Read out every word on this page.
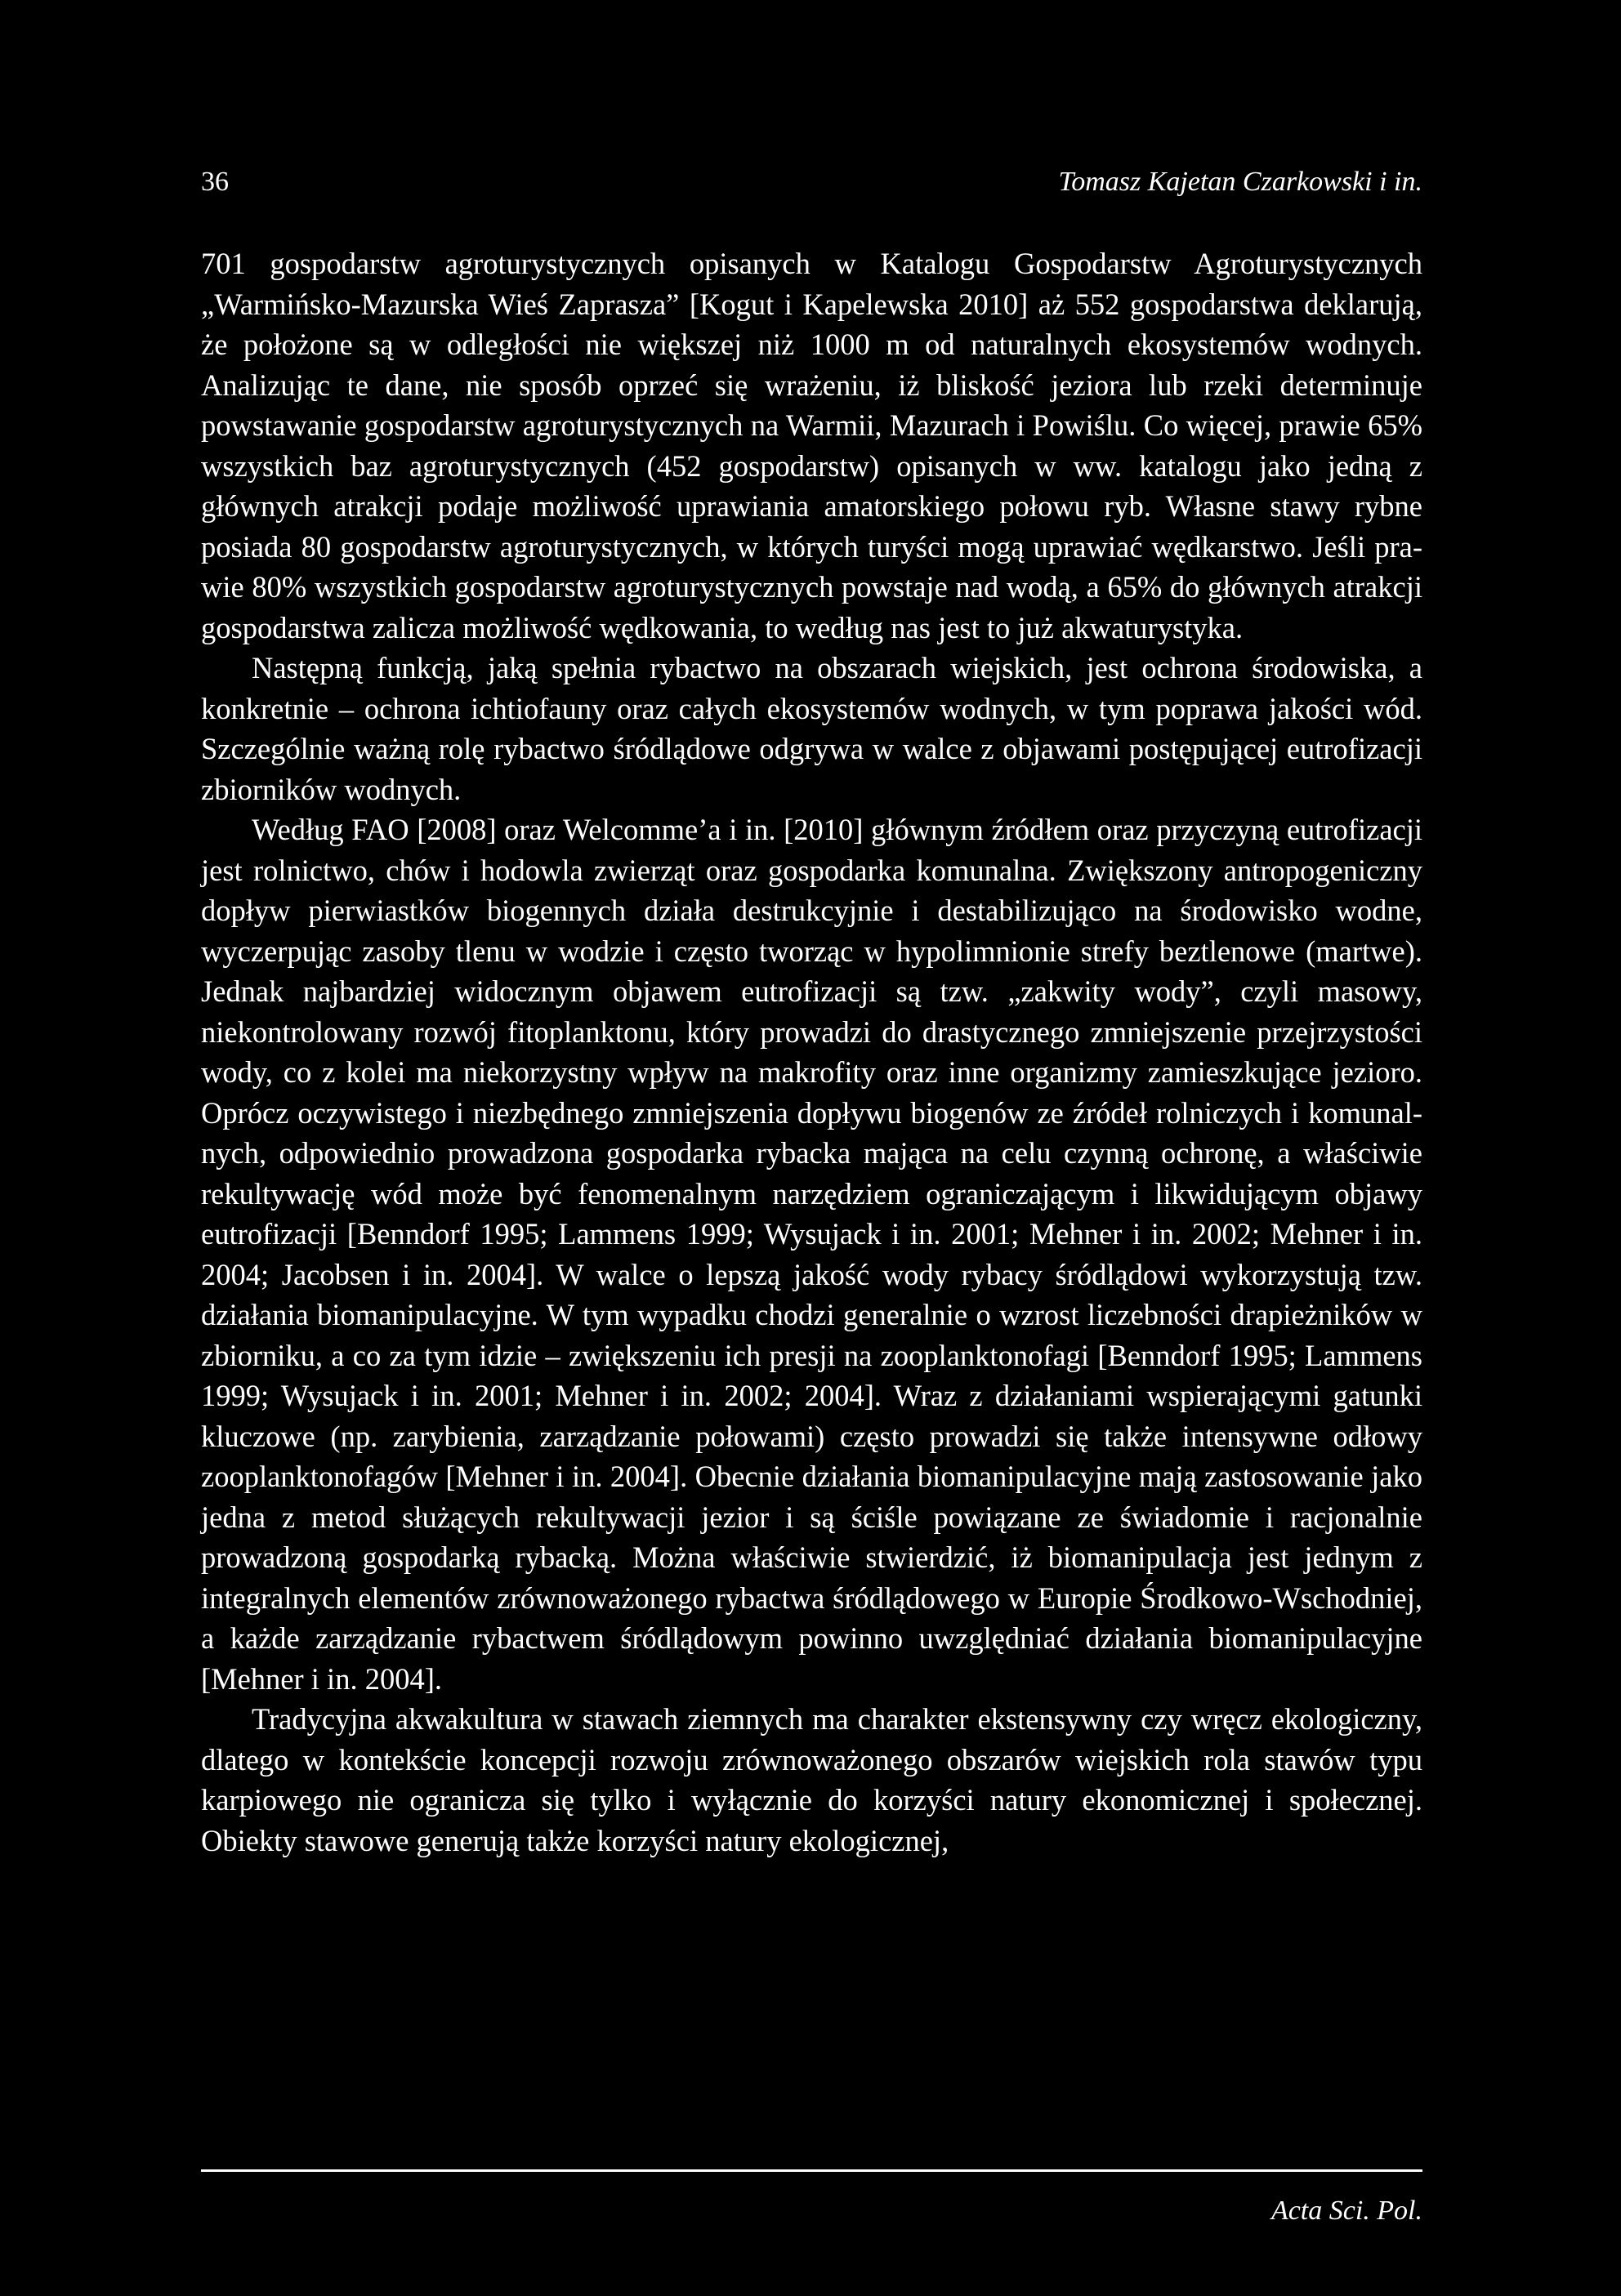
36	Tomasz Kajetan Czarkowski i in.

701 gospodarstw agroturystycznych opisanych w Katalogu Gospodarstw Agroturystycznych „Warmińsko-Mazurska Wieś Zaprasza” [Kogut i Kapelewska 2010] aż 552 gospodarstwa deklarują, że położone są w odległości nie większej niż 1000 m od naturalnych ekosystemów wodnych. Analizując te dane, nie sposób oprzeć się wrażeniu, iż bliskość jeziora lub rzeki determinuje powstawanie gospodarstw agroturystycznych na Warmii, Mazurach i Powiślu. Co więcej, prawie 65% wszystkich baz agroturystycznych (452 gospodarstw) opisanych w ww. katalogu jako jedną z głównych atrakcji podaje możliwość uprawiania amatorskiego połowu ryb. Własne stawy rybne posiada 80 gospodarstw agroturystycznych, w których turyści mogą uprawiać wędkarstwo. Jeśli prawie 80% wszystkich gospodarstw agroturystycznych powstaje nad wodą, a 65% do głównych atrakcji gospodarstwa zalicza możliwość wędkowania, to według nas jest to już akwaturystyka.

Następną funkcją, jaką spełnia rybactwo na obszarach wiejskich, jest ochrona środowiska, a konkretnie – ochrona ichtiofauny oraz całych ekosystemów wodnych, w tym poprawa jakości wód. Szczególnie ważną rolę rybactwo śródlądowe odgrywa w walce z objawami postępującej eutrofizacji zbiorników wodnych.

Według FAO [2008] oraz Welcomme’a i in. [2010] głównym źródłem oraz przyczyną eutrofizacji jest rolnictwo, chów i hodowla zwierząt oraz gospodarka komunalna. Zwiększony antropogeniczny dopływ pierwiastków biogennych działa destrukcyjnie i destabilizująco na środowisko wodne, wyczerpując zasoby tlenu w wodzie i często tworząc w hypolimnionie strefy beztlenowe (martwe). Jednak najbardziej widocznym objawem eutrofizacji są tzw. „zakwity wody”, czyli masowy, niekontrolowany rozwój fitoplanktonu, który prowadzi do drastycznego zmniejszenie przejrzystości wody, co z kolei ma niekorzystny wpływ na makrofity oraz inne organizmy zamieszkujące jezioro. Oprócz oczywistego i niezbędnego zmniejszenia dopływu biogenów ze źródeł rolniczych i komunalnych, odpowiednio prowadzona gospodarka rybacka mająca na celu czynną ochronę, a właściwie rekultywację wód może być fenomenalnym narzędziem ograniczającym i likwidującym objawy eutrofizacji [Benndorf 1995; Lammens 1999; Wysujack i in. 2001; Mehner i in. 2002; Mehner i in. 2004; Jacobsen i in. 2004]. W walce o lepszą jakość wody rybacy śródlądowi wykorzystują tzw. działania biomanipulacyjne. W tym wypadku chodzi generalnie o wzrost liczebności drapieżników w zbiorniku, a co za tym idzie – zwiększeniu ich presji na zooplanktonofagi [Benndorf 1995; Lammens 1999; Wysujack i in. 2001; Mehner i in. 2002; 2004]. Wraz z działaniami wspierającymi gatunki kluczowe (np. zarybienia, zarządzanie połowami) często prowadzi się także intensywne odłowy zooplanktonofagów [Mehner i in. 2004]. Obecnie działania biomanipulacyjne mają zastosowanie jako jedna z metod służących rekultywacji jezior i są ściśle powiązane ze świadomie i racjonalnie prowadzoną gospodarką rybacką. Można właściwie stwierdzić, iż biomanipulacja jest jednym z integralnych elementów zrównoważonego rybactwa śródlądowego w Europie Środkowo-Wschodniej, a każde zarządzanie rybactwem śródlądowym powinno uwzględniać działania biomanipulacyjne [Mehner i in. 2004].

Tradycyjna akwakultura w stawach ziemnych ma charakter ekstensywny czy wręcz ekologiczny, dlatego w kontekście koncepcji rozwoju zrównoważonego obszarów wiejskich rola stawów typu karpiowego nie ogranicza się tylko i wyłącznie do korzyści natury ekonomicznej i społecznej. Obiekty stawowe generują także korzyści natury ekologicznej,

Acta Sci. Pol.
